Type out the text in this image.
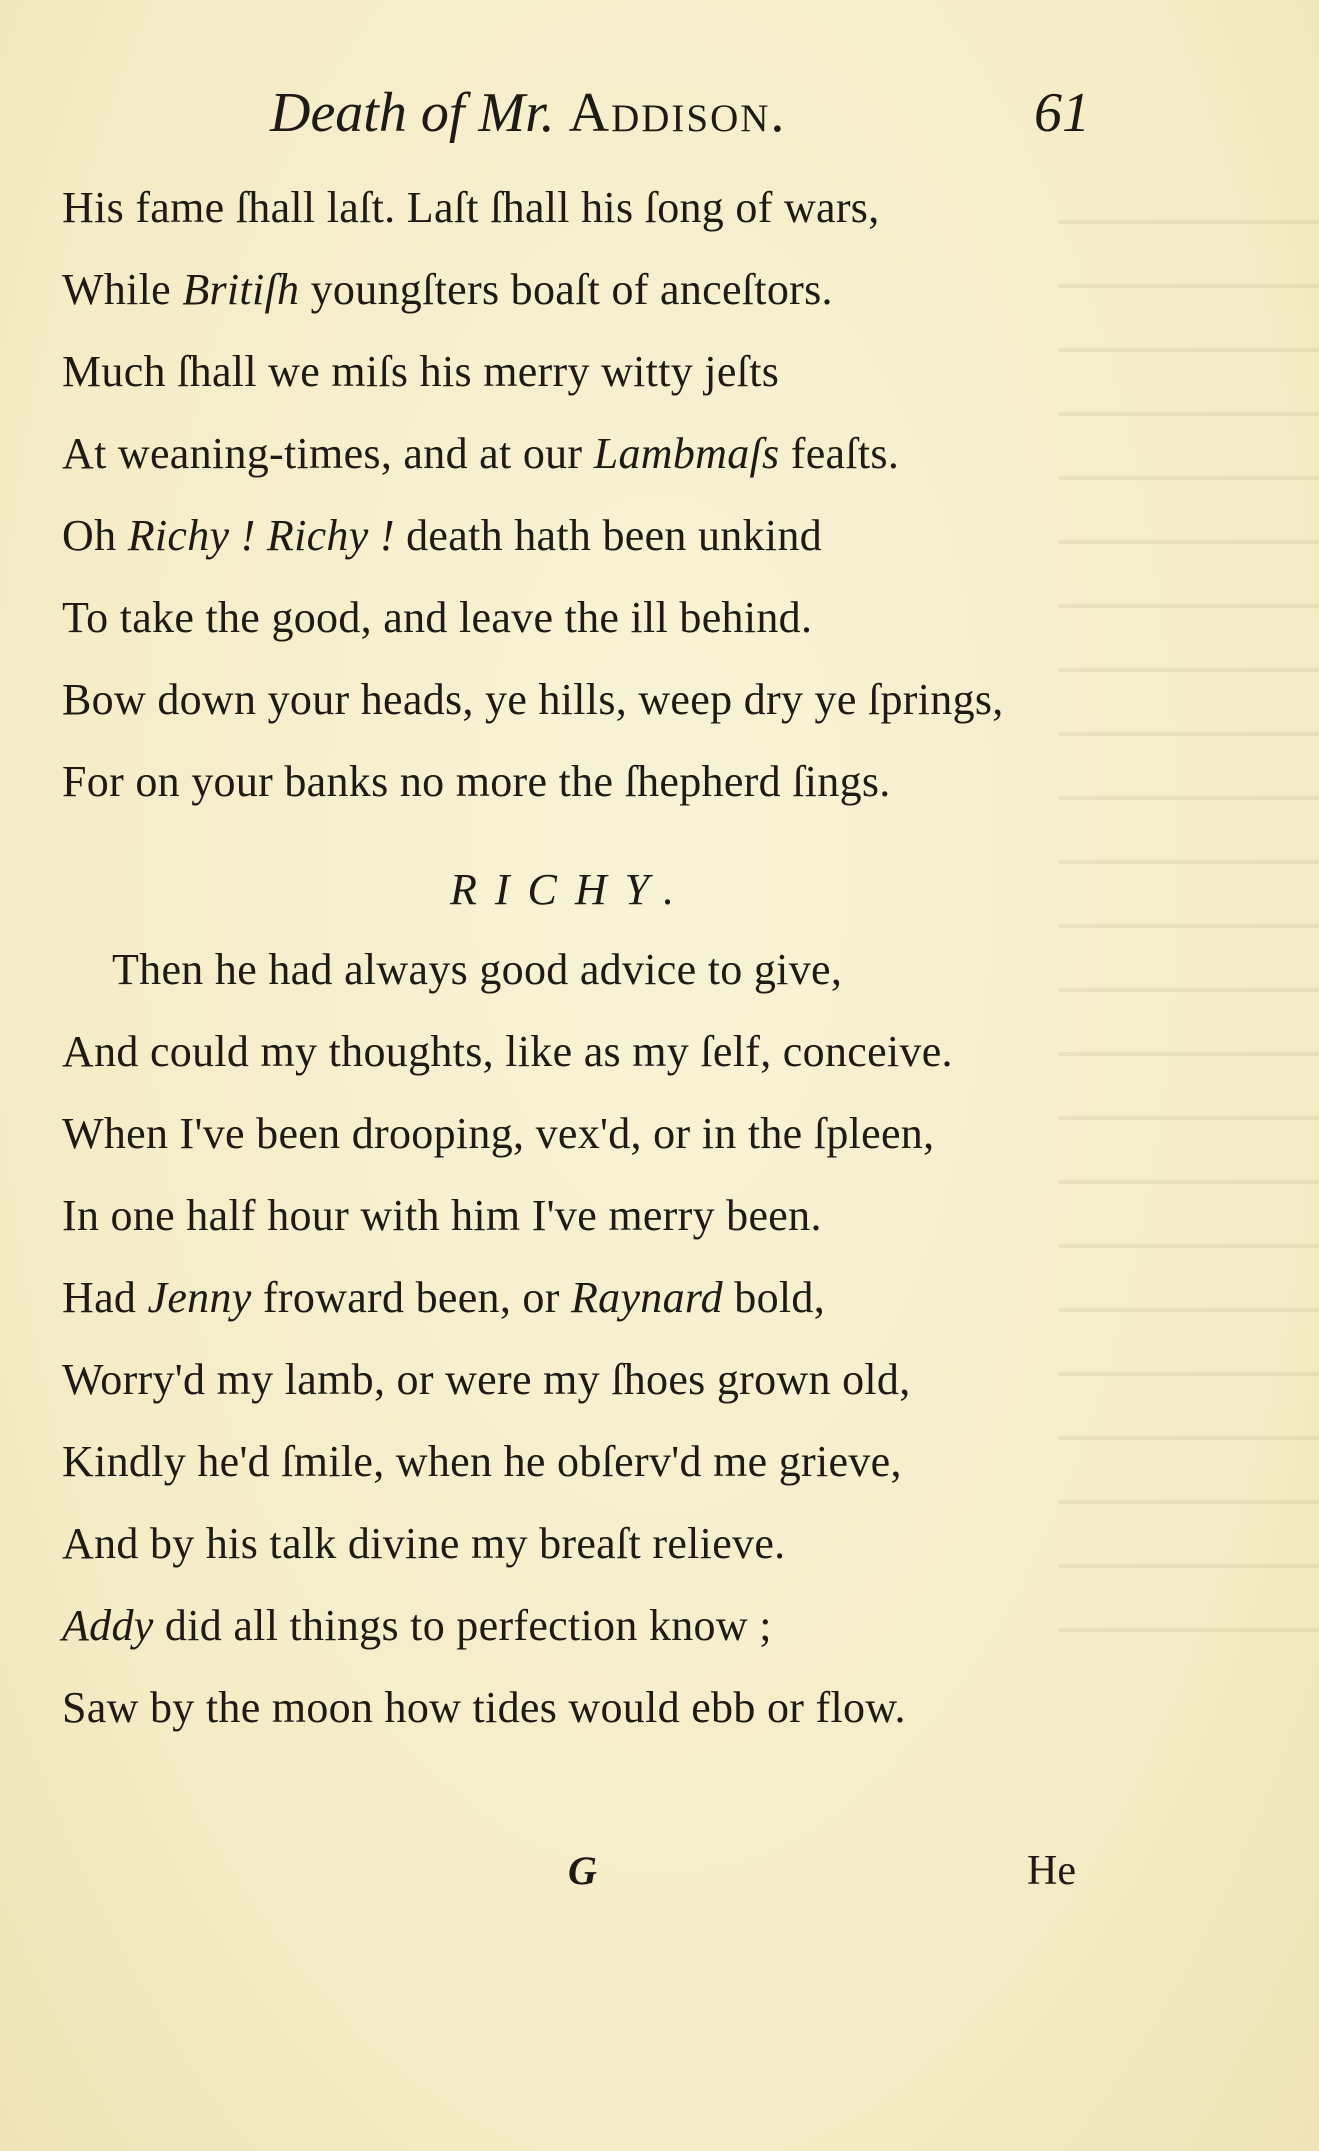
Death of Mr. Addison.	61
His fame ſhall laſt. Laſt ſhall his ſong of wars,
While Britiſh youngſters boaſt of anceſtors.
Much ſhall we miſs his merry witty jeſts
At weaning-times, and at our Lambmaſs feaſts.
Oh Richy ! Richy ! death hath been unkind
To take the good, and leave the ill behind.
Bow down your heads, ye hills, weep dry ye ſprings,
For on your banks no more the ſhepherd ſings.
RICHY.
Then he had always good advice to give,
And could my thoughts, like as my ſelf, conceive.
When I've been drooping, vex'd, or in the ſpleen,
In one half hour with him I've merry been.
Had Jenny froward been, or Raynard bold,
Worry'd my lamb, or were my ſhoes grown old,
Kindly he'd ſmile, when he obſerv'd me grieve,
And by his talk divine my breaſt relieve.
Addy did all things to perfection know ;
Saw by the moon how tides would ebb or flow.
G	He
